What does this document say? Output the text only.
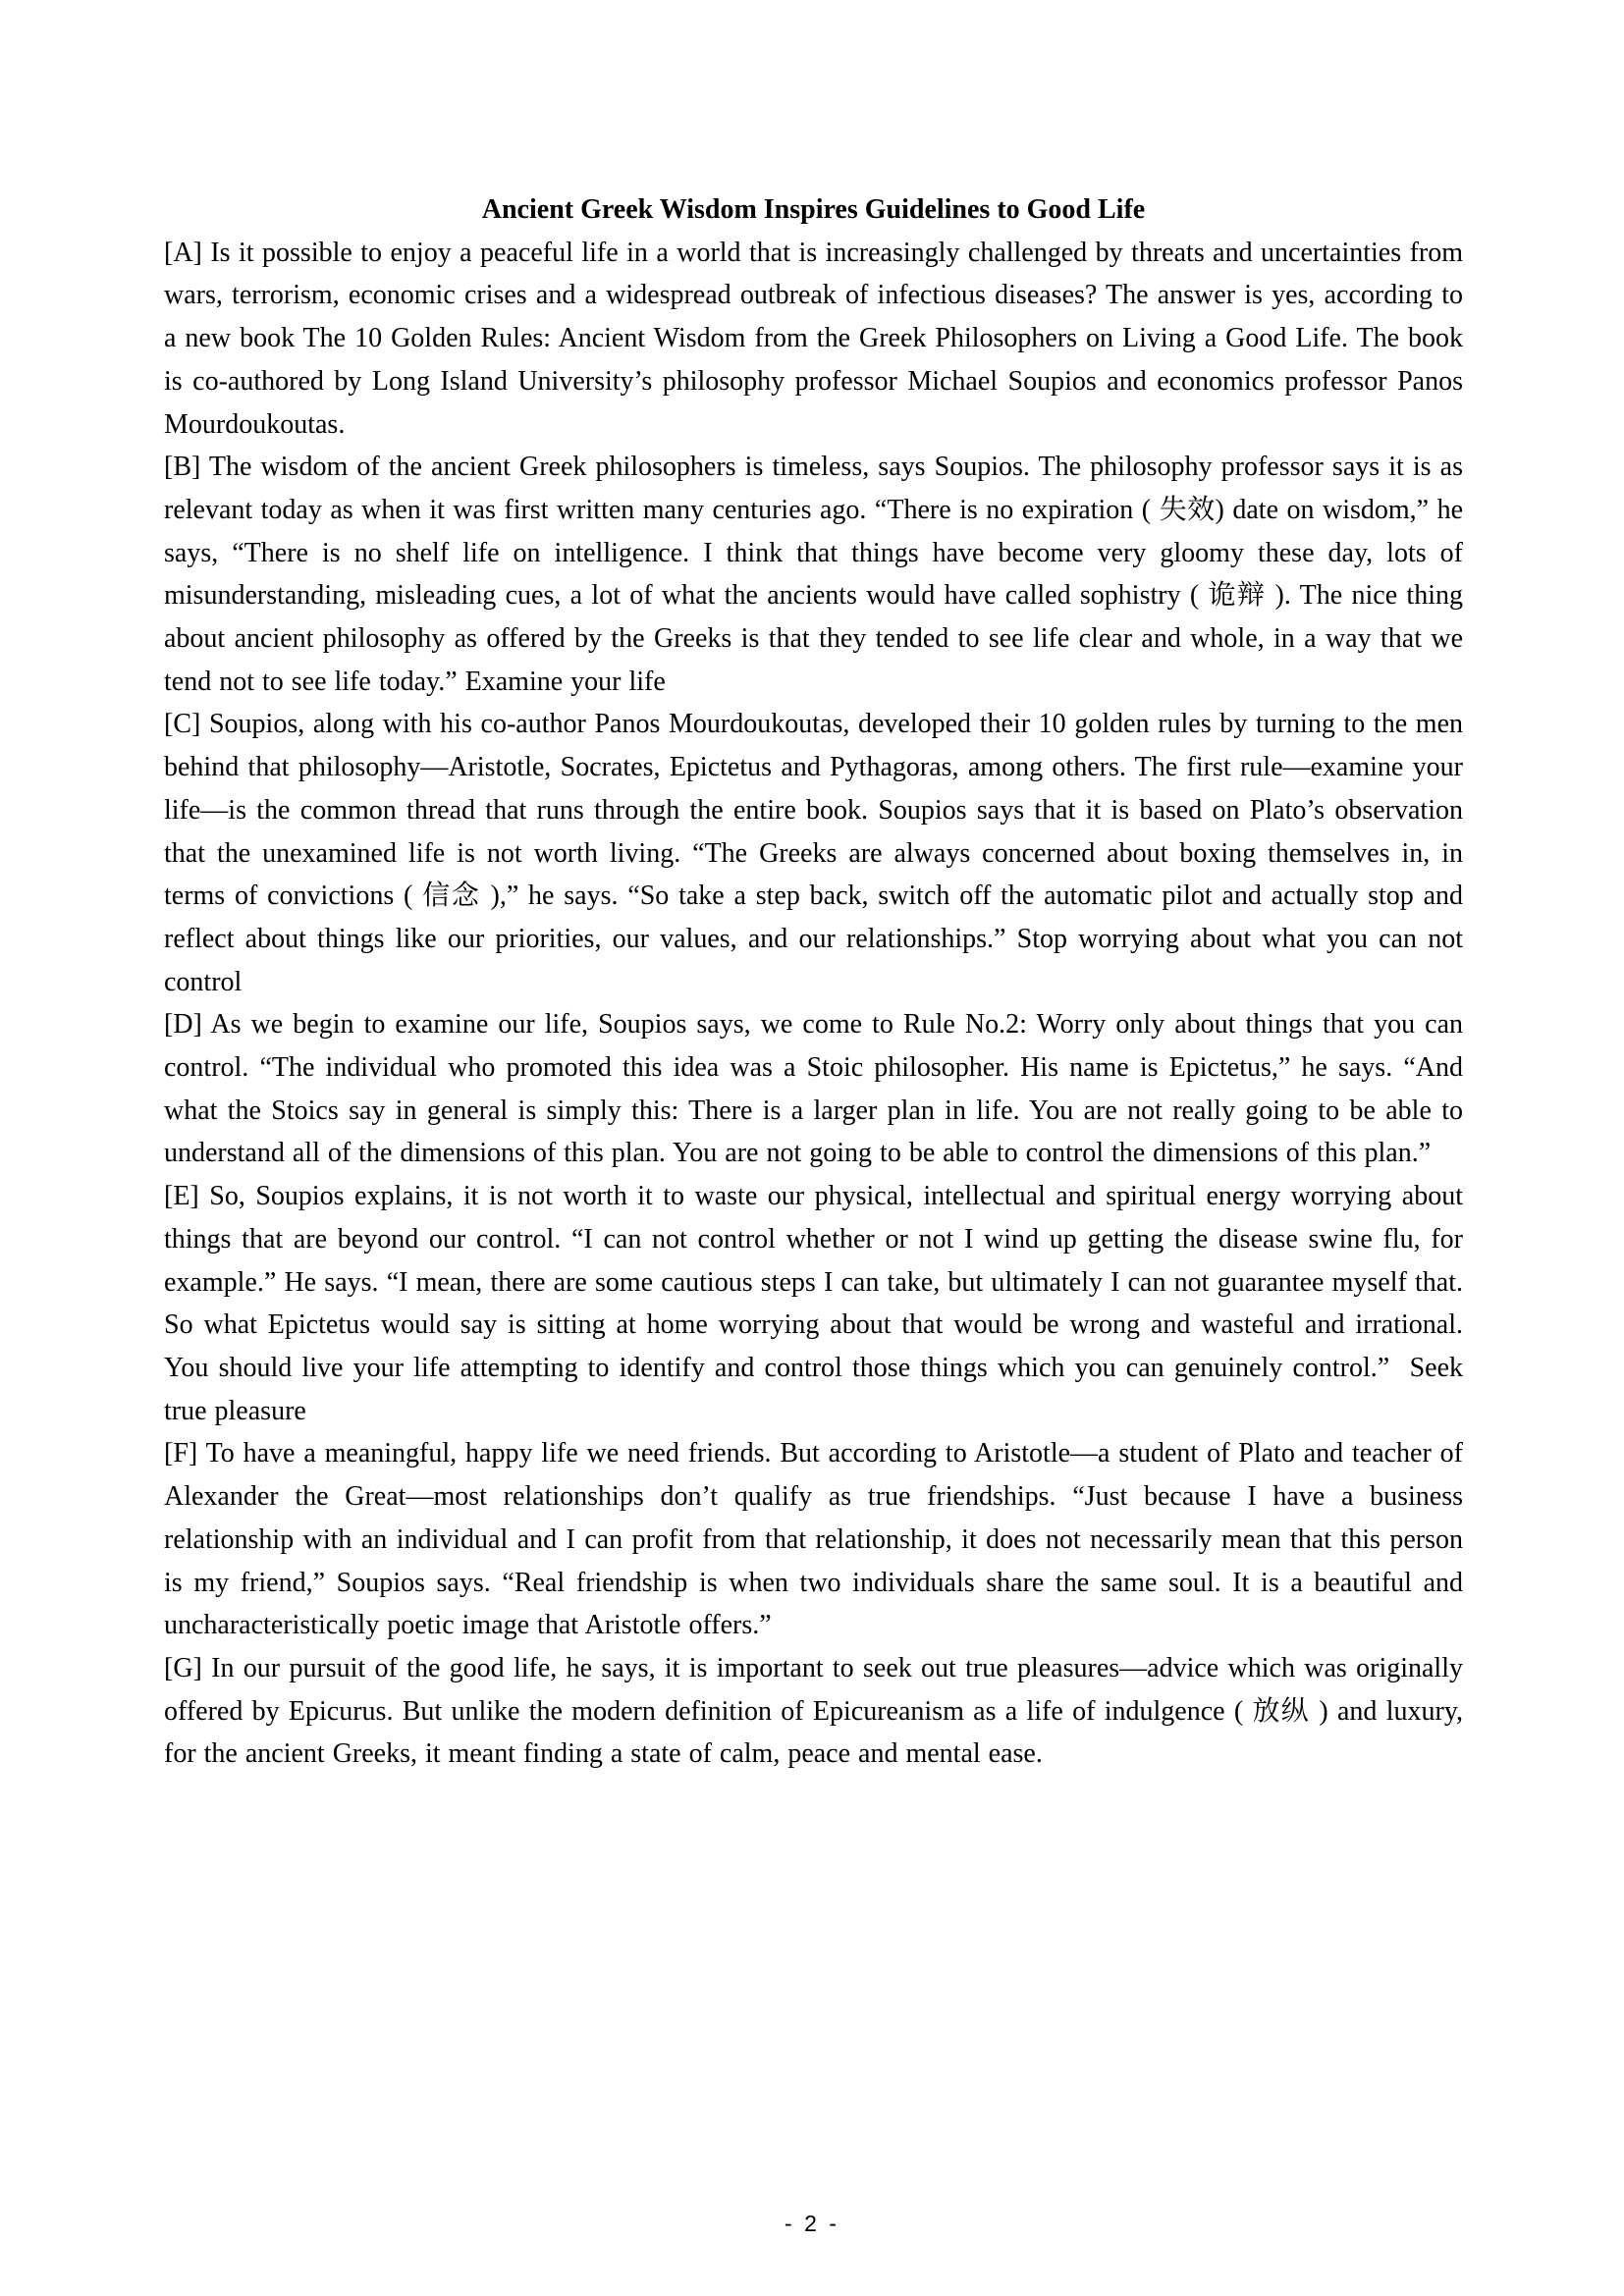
Ancient Greek Wisdom Inspires Guidelines to Good Life

[A] Is it possible to enjoy a peaceful life in a world that is increasingly challenged by threats and uncertainties from wars, terrorism, economic crises and a widespread outbreak of infectious diseases? The answer is yes, according to a new book The 10 Golden Rules: Ancient Wisdom from the Greek Philosophers on Living a Good Life. The book is co-authored by Long Island University’s philosophy professor Michael Soupios and economics professor Panos Mourdoukoutas.

[B] The wisdom of the ancient Greek philosophers is timeless, says Soupios. The philosophy professor says it is as relevant today as when it was first written many centuries ago. “There is no expiration ( 失效) date on wisdom,” he says, “There is no shelf life on intelligence. I think that things have become very gloomy these day, lots of misunderstanding, misleading cues, a lot of what the ancients would have called sophistry ( 诡辩 ). The nice thing about ancient philosophy as offered by the Greeks is that they tended to see life clear and whole, in a way that we tend not to see life today.” Examine your life

[C] Soupios, along with his co-author Panos Mourdoukoutas, developed their 10 golden rules by turning to the men behind that philosophy—Aristotle, Socrates, Epictetus and Pythagoras, among others. The first rule—examine your life—is the common thread that runs through the entire book. Soupios says that it is based on Plato’s observation that the unexamined life is not worth living. “The Greeks are always concerned about boxing themselves in, in terms of convictions ( 信念 ),” he says. “So take a step back, switch off the automatic pilot and actually stop and reflect about things like our priorities, our values, and our relationships.” Stop worrying about what you can not control

[D] As we begin to examine our life, Soupios says, we come to Rule No.2: Worry only about things that you can control. “The individual who promoted this idea was a Stoic philosopher. His name is Epictetus,” he says. “And what the Stoics say in general is simply this: There is a larger plan in life. You are not really going to be able to understand all of the dimensions of this plan. You are not going to be able to control the dimensions of this plan.”

[E] So, Soupios explains, it is not worth it to waste our physical, intellectual and spiritual energy worrying about things that are beyond our control. “I can not control whether or not I wind up getting the disease swine flu, for example.” He says. “I mean, there are some cautious steps I can take, but ultimately I can not guarantee myself that. So what Epictetus would say is sitting at home worrying about that would be wrong and wasteful and irrational. You should live your life attempting to identify and control those things which you can genuinely control.”  Seek true pleasure

[F] To have a meaningful, happy life we need friends. But according to Aristotle—a student of Plato and teacher of Alexander the Great—most relationships don’t qualify as true friendships. “Just because I have a business relationship with an individual and I can profit from that relationship, it does not necessarily mean that this person is my friend,” Soupios says. “Real friendship is when two individuals share the same soul. It is a beautiful and uncharacteristically poetic image that Aristotle offers.”

[G] In our pursuit of the good life, he says, it is important to seek out true pleasures—advice which was originally offered by Epicurus. But unlike the modern definition of Epicureanism as a life of indulgence ( 放纵 ) and luxury, for the ancient Greeks, it meant finding a state of calm, peace and mental ease.

- 2 -
